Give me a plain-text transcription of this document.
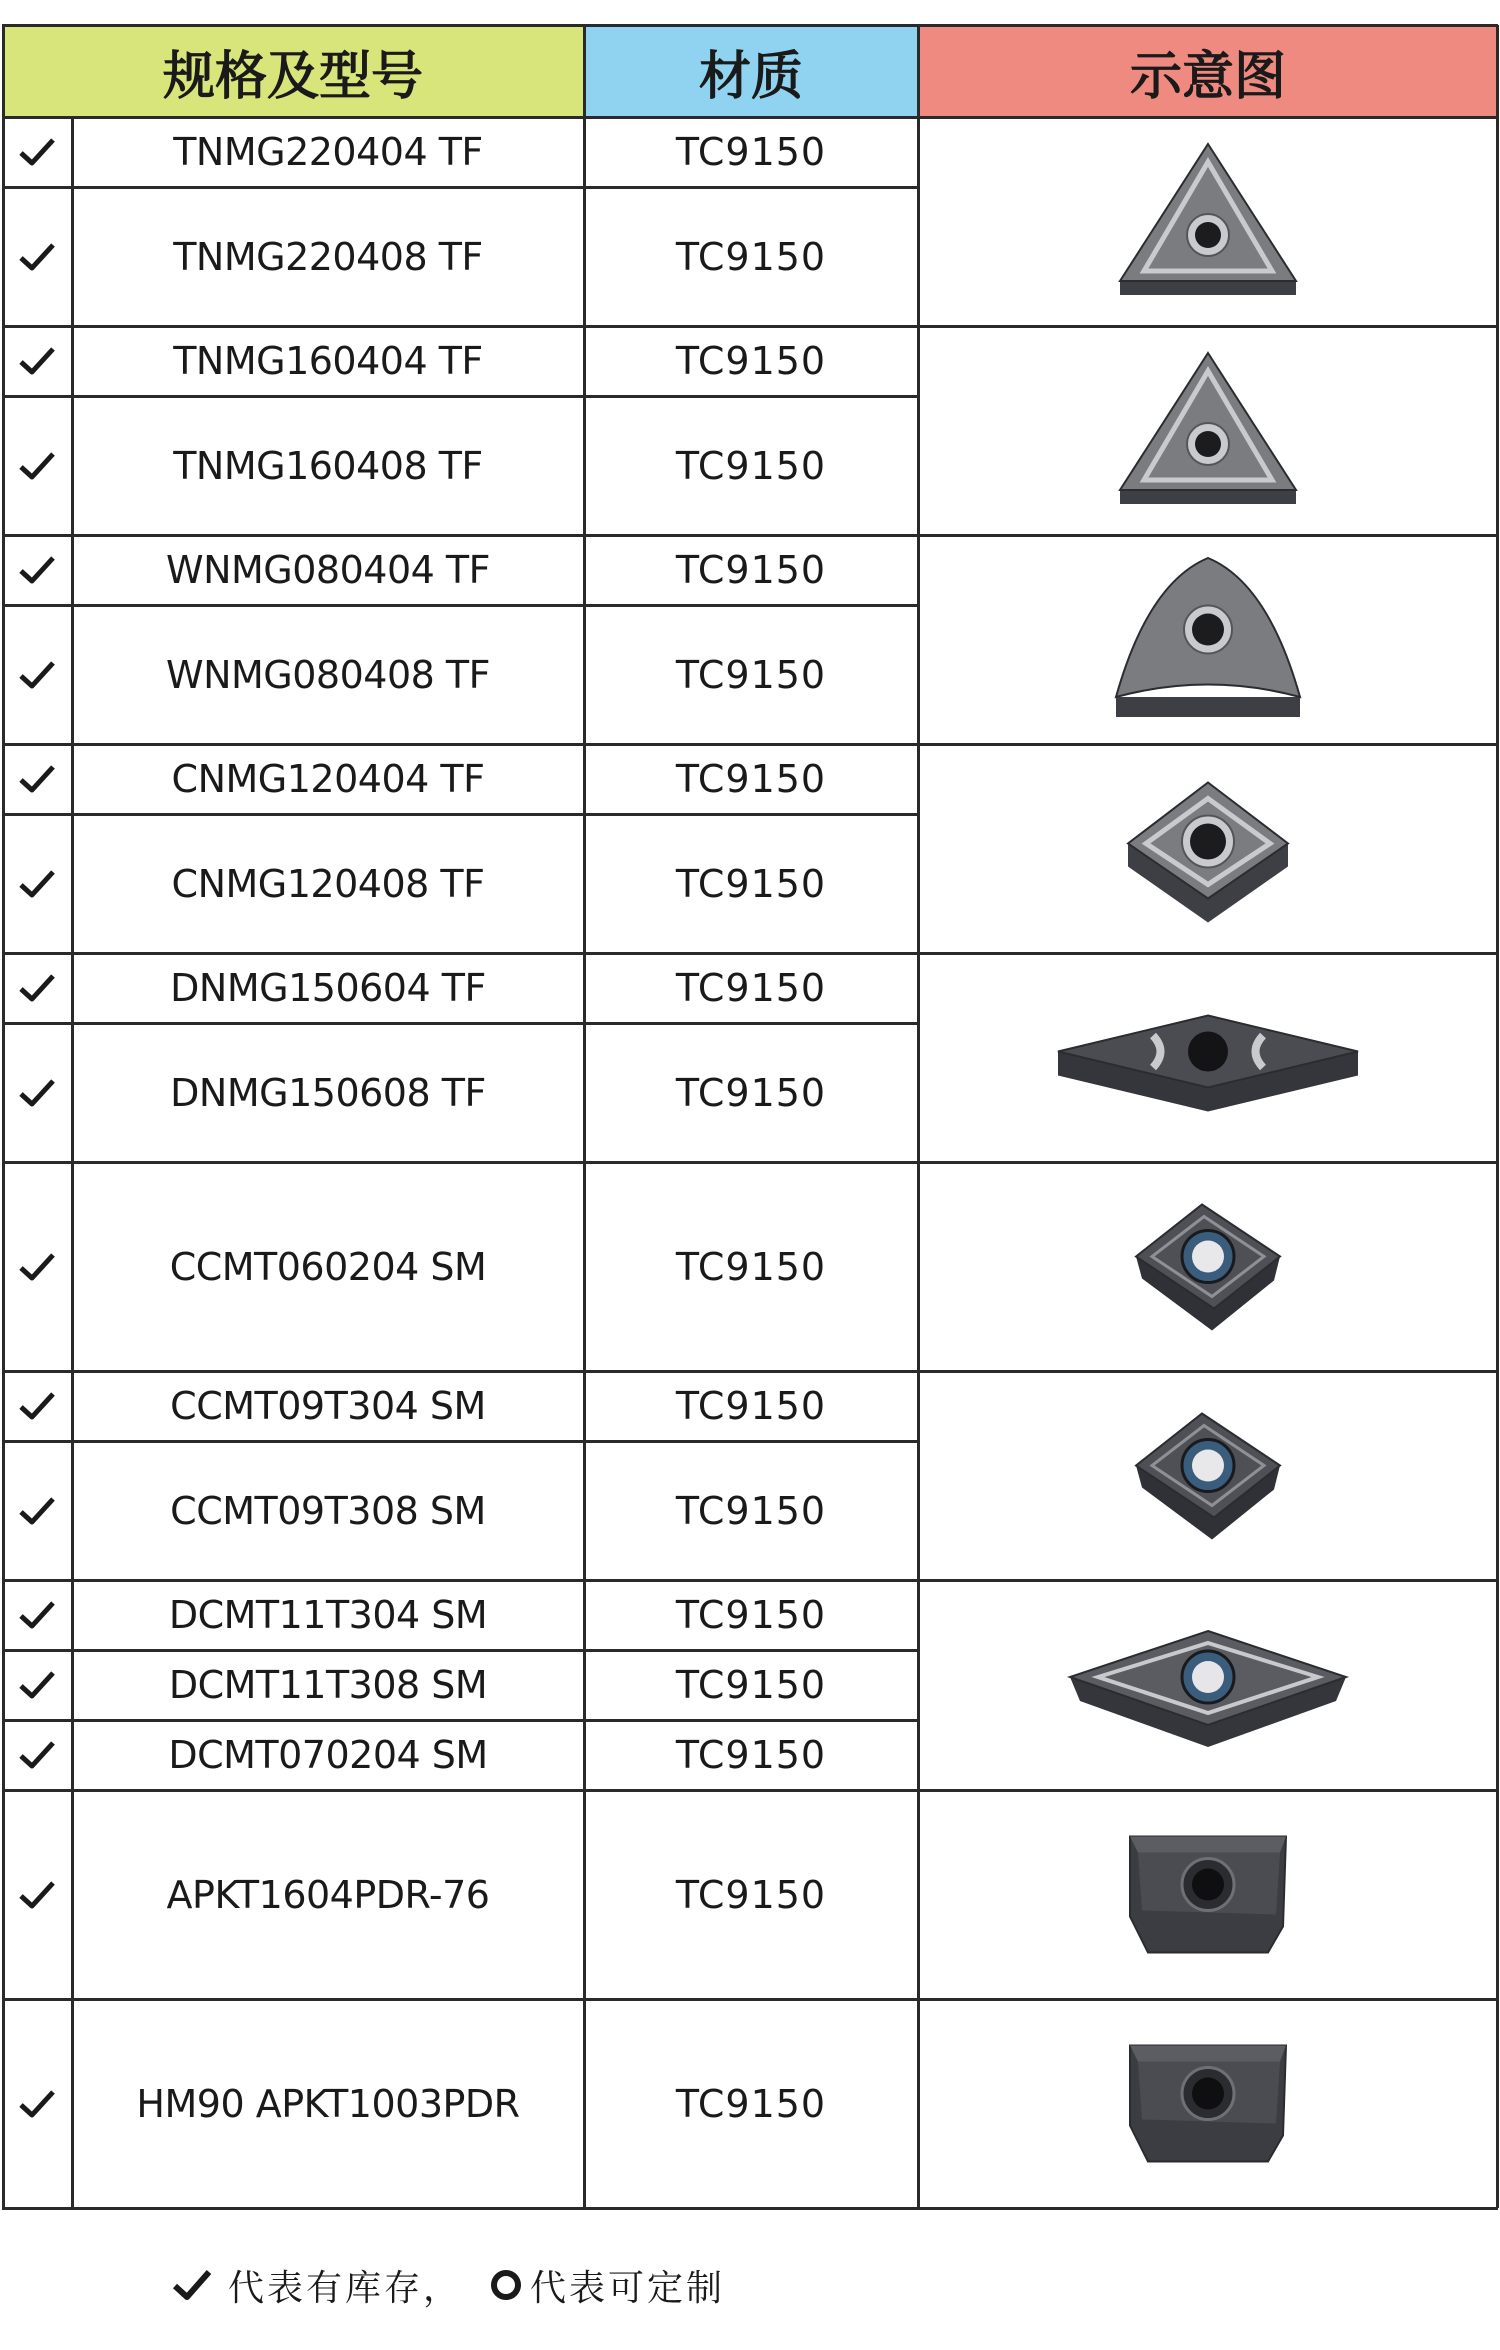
规格及型号	材质	示意图
TNMG220404 TF	TC9150
TNMG220408 TF	TC9150
TNMG160404 TF	TC9150
TNMG160408 TF	TC9150
WNMG080404 TF	TC9150
WNMG080408 TF	TC9150
CNMG120404 TF	TC9150
CNMG120408 TF	TC9150
DNMG150604 TF	TC9150
DNMG150608 TF	TC9150
CCMT060204 SM	TC9150
CCMT09T304 SM	TC9150
CCMT09T308 SM	TC9150
DCMT11T304 SM	TC9150
DCMT11T308 SM	TC9150
DCMT070204 SM	TC9150
APKT1604PDR-76	TC9150
HM90 APKT1003PDR	TC9150
代表有库存， 代表可定制
